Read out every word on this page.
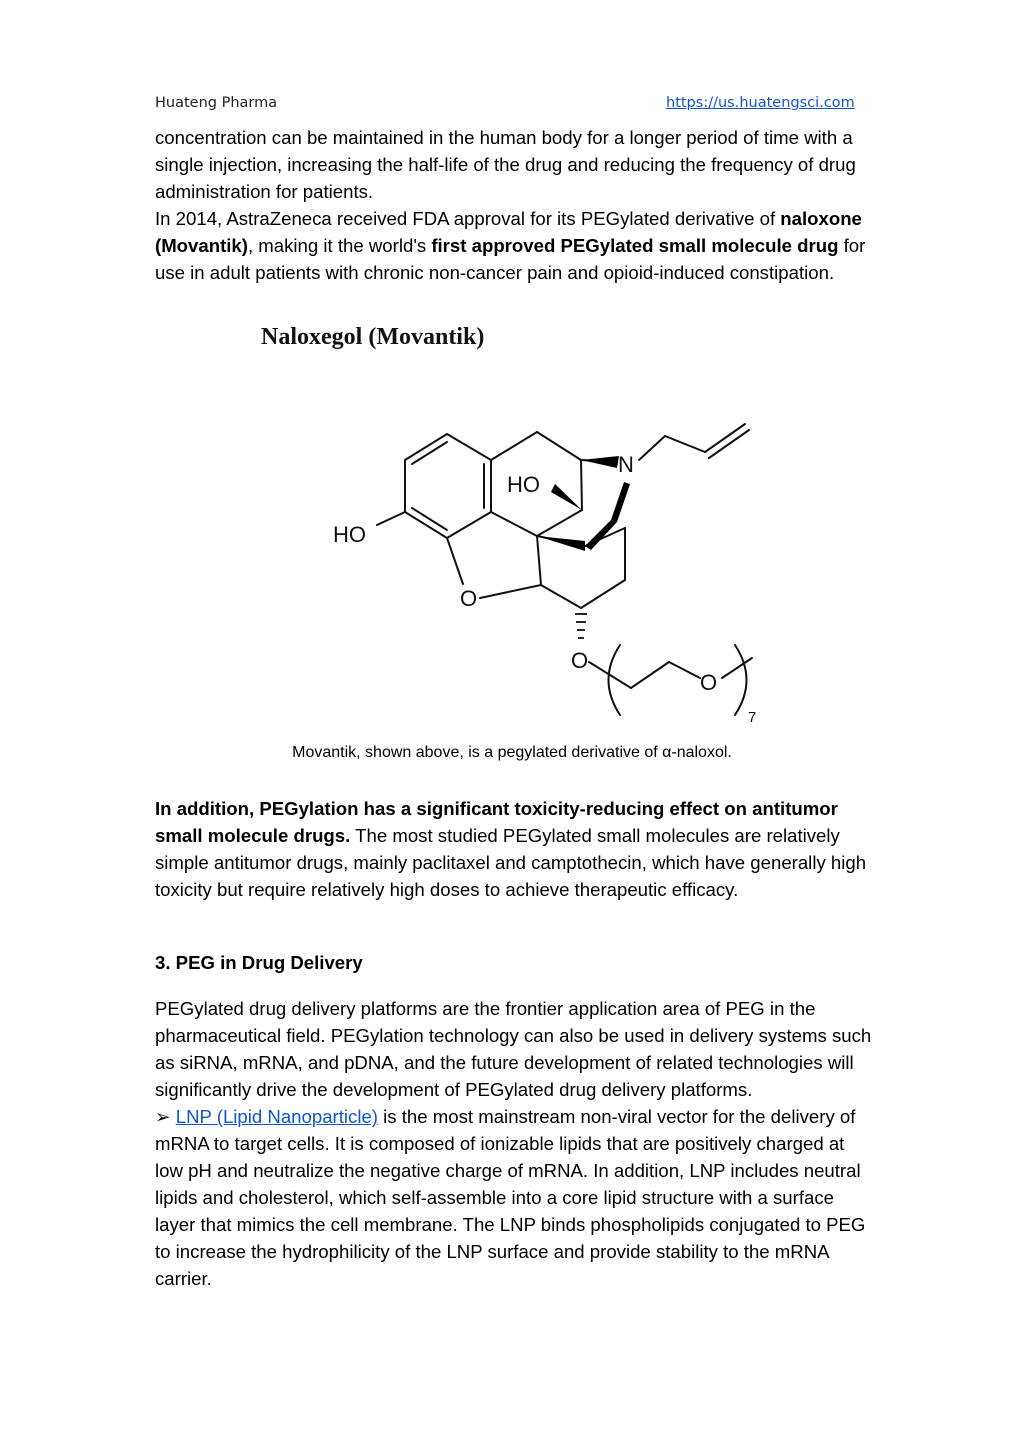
Huateng Pharma	https://us.huatengsci.com

concentration can be maintained in the human body for a longer period of time with a single injection, increasing the half-life of the drug and reducing the frequency of drug administration for patients.

In 2014, AstraZeneca received FDA approval for its PEGylated derivative of naloxone (Movantik), making it the world's first approved PEGylated small molecule drug for use in adult patients with chronic non-cancer pain and opioid-induced constipation.

Naloxegol (Movantik)
HO
HO
N
O
O
O
7
Movantik, shown above, is a pegylated derivative of α-naloxol.

In addition, PEGylation has a significant toxicity-reducing effect on antitumor small molecule drugs. The most studied PEGylated small molecules are relatively simple antitumor drugs, mainly paclitaxel and camptothecin, which have generally high toxicity but require relatively high doses to achieve therapeutic efficacy.

3. PEG in Drug Delivery

PEGylated drug delivery platforms are the frontier application area of PEG in the pharmaceutical field. PEGylation technology can also be used in delivery systems such as siRNA, mRNA, and pDNA, and the future development of related technologies will significantly drive the development of PEGylated drug delivery platforms.

➢ LNP (Lipid Nanoparticle) is the most mainstream non-viral vector for the delivery of mRNA to target cells. It is composed of ionizable lipids that are positively charged at low pH and neutralize the negative charge of mRNA. In addition, LNP includes neutral lipids and cholesterol, which self-assemble into a core lipid structure with a surface layer that mimics the cell membrane. The LNP binds phospholipids conjugated to PEG to increase the hydrophilicity of the LNP surface and provide stability to the mRNA carrier.
